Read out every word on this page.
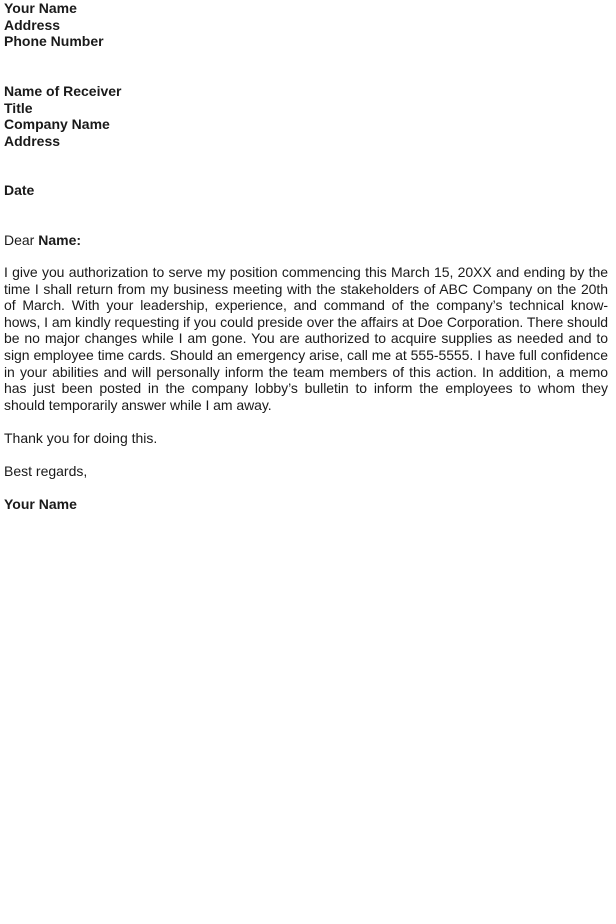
Your Name
Address
Phone Number
Name of Receiver
Title
Company Name
Address
Date
Dear Name:
I give you authorization to serve my position commencing this March 15, 20XX and ending by the time I shall return from my business meeting with the stakeholders of ABC Company on the 20th of March. With your leadership, experience, and command of the company’s technical know-hows, I am kindly requesting if you could preside over the affairs at Doe Corporation. There should be no major changes while I am gone. You are authorized to acquire supplies as needed and to sign employee time cards. Should an emergency arise, call me at 555-5555. I have full confidence in your abilities and will personally inform the team members of this action. In addition, a memo has just been posted in the company lobby’s bulletin to inform the employees to whom they should temporarily answer while I am away.
Thank you for doing this.
Best regards,
Your Name
